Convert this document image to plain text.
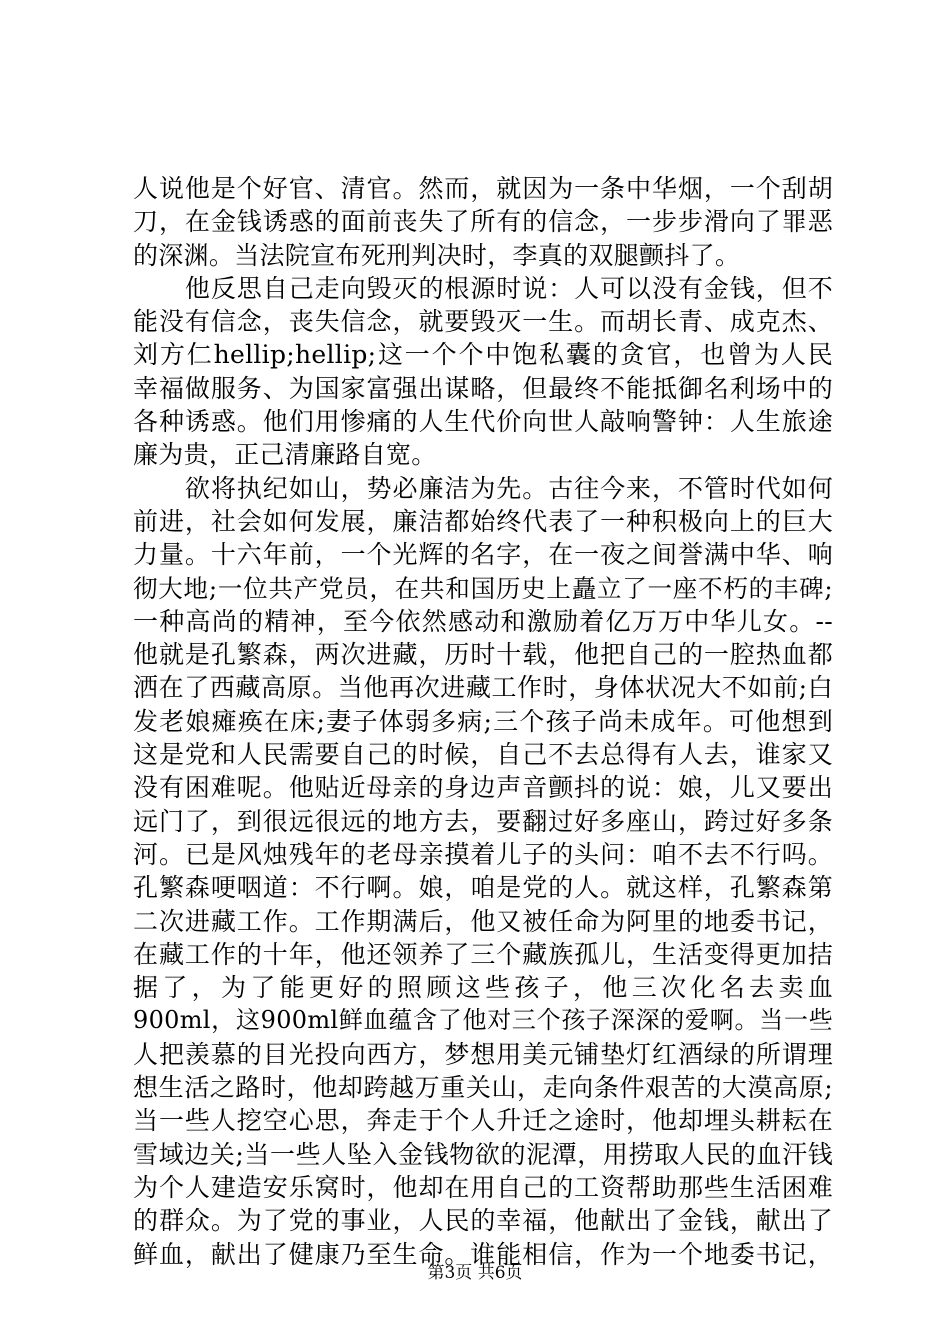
人说他是个好官、清官。然而，就因为一条中华烟，一个刮胡
刀，在金钱诱惑的面前丧失了所有的信念，一步步滑向了罪恶
的深渊。当法院宣布死刑判决时，李真的双腿颤抖了。
　　他反思自己走向毁灭的根源时说：人可以没有金钱，但不
能没有信念，丧失信念，就要毁灭一生。而胡长青、成克杰、
刘方仁hellip;hellip;这一个个中饱私囊的贪官，也曾为人民
幸福做服务、为国家富强出谋略，但最终不能抵御名利场中的
各种诱惑。他们用惨痛的人生代价向世人敲响警钟：人生旅途
廉为贵，正己清廉路自宽。
　　欲将执纪如山，势必廉洁为先。古往今来，不管时代如何
前进，社会如何发展，廉洁都始终代表了一种积极向上的巨大
力量。十六年前，一个光辉的名字，在一夜之间誉满中华、响
彻大地;一位共产党员，在共和国历史上矗立了一座不朽的丰碑;
一种高尚的精神，至今依然感动和激励着亿万万中华儿女。--
他就是孔繁森，两次进藏，历时十载，他把自己的一腔热血都
洒在了西藏高原。当他再次进藏工作时，身体状况大不如前;白
发老娘瘫痪在床;妻子体弱多病;三个孩子尚未成年。可他想到
这是党和人民需要自己的时候，自己不去总得有人去，谁家又
没有困难呢。他贴近母亲的身边声音颤抖的说：娘，儿又要出
远门了，到很远很远的地方去，要翻过好多座山，跨过好多条
河。已是风烛残年的老母亲摸着儿子的头问：咱不去不行吗。
孔繁森哽咽道：不行啊。娘，咱是党的人。就这样，孔繁森第
二次进藏工作。工作期满后，他又被任命为阿里的地委书记，
在藏工作的十年，他还领养了三个藏族孤儿，生活变得更加拮
据了，为了能更好的照顾这些孩子，他三次化名去卖血
900ml，这900ml鲜血蕴含了他对三个孩子深深的爱啊。当一些
人把羡慕的目光投向西方，梦想用美元铺垫灯红酒绿的所谓理
想生活之路时，他却跨越万重关山，走向条件艰苦的大漠高原;
当一些人挖空心思，奔走于个人升迁之途时，他却埋头耕耘在
雪域边关;当一些人坠入金钱物欲的泥潭，用捞取人民的血汗钱
为个人建造安乐窝时，他却在用自己的工资帮助那些生活困难
的群众。为了党的事业，人民的幸福，他献出了金钱，献出了
鲜血，献出了健康乃至生命。谁能相信，作为一个地委书记，
第3页 共6页
